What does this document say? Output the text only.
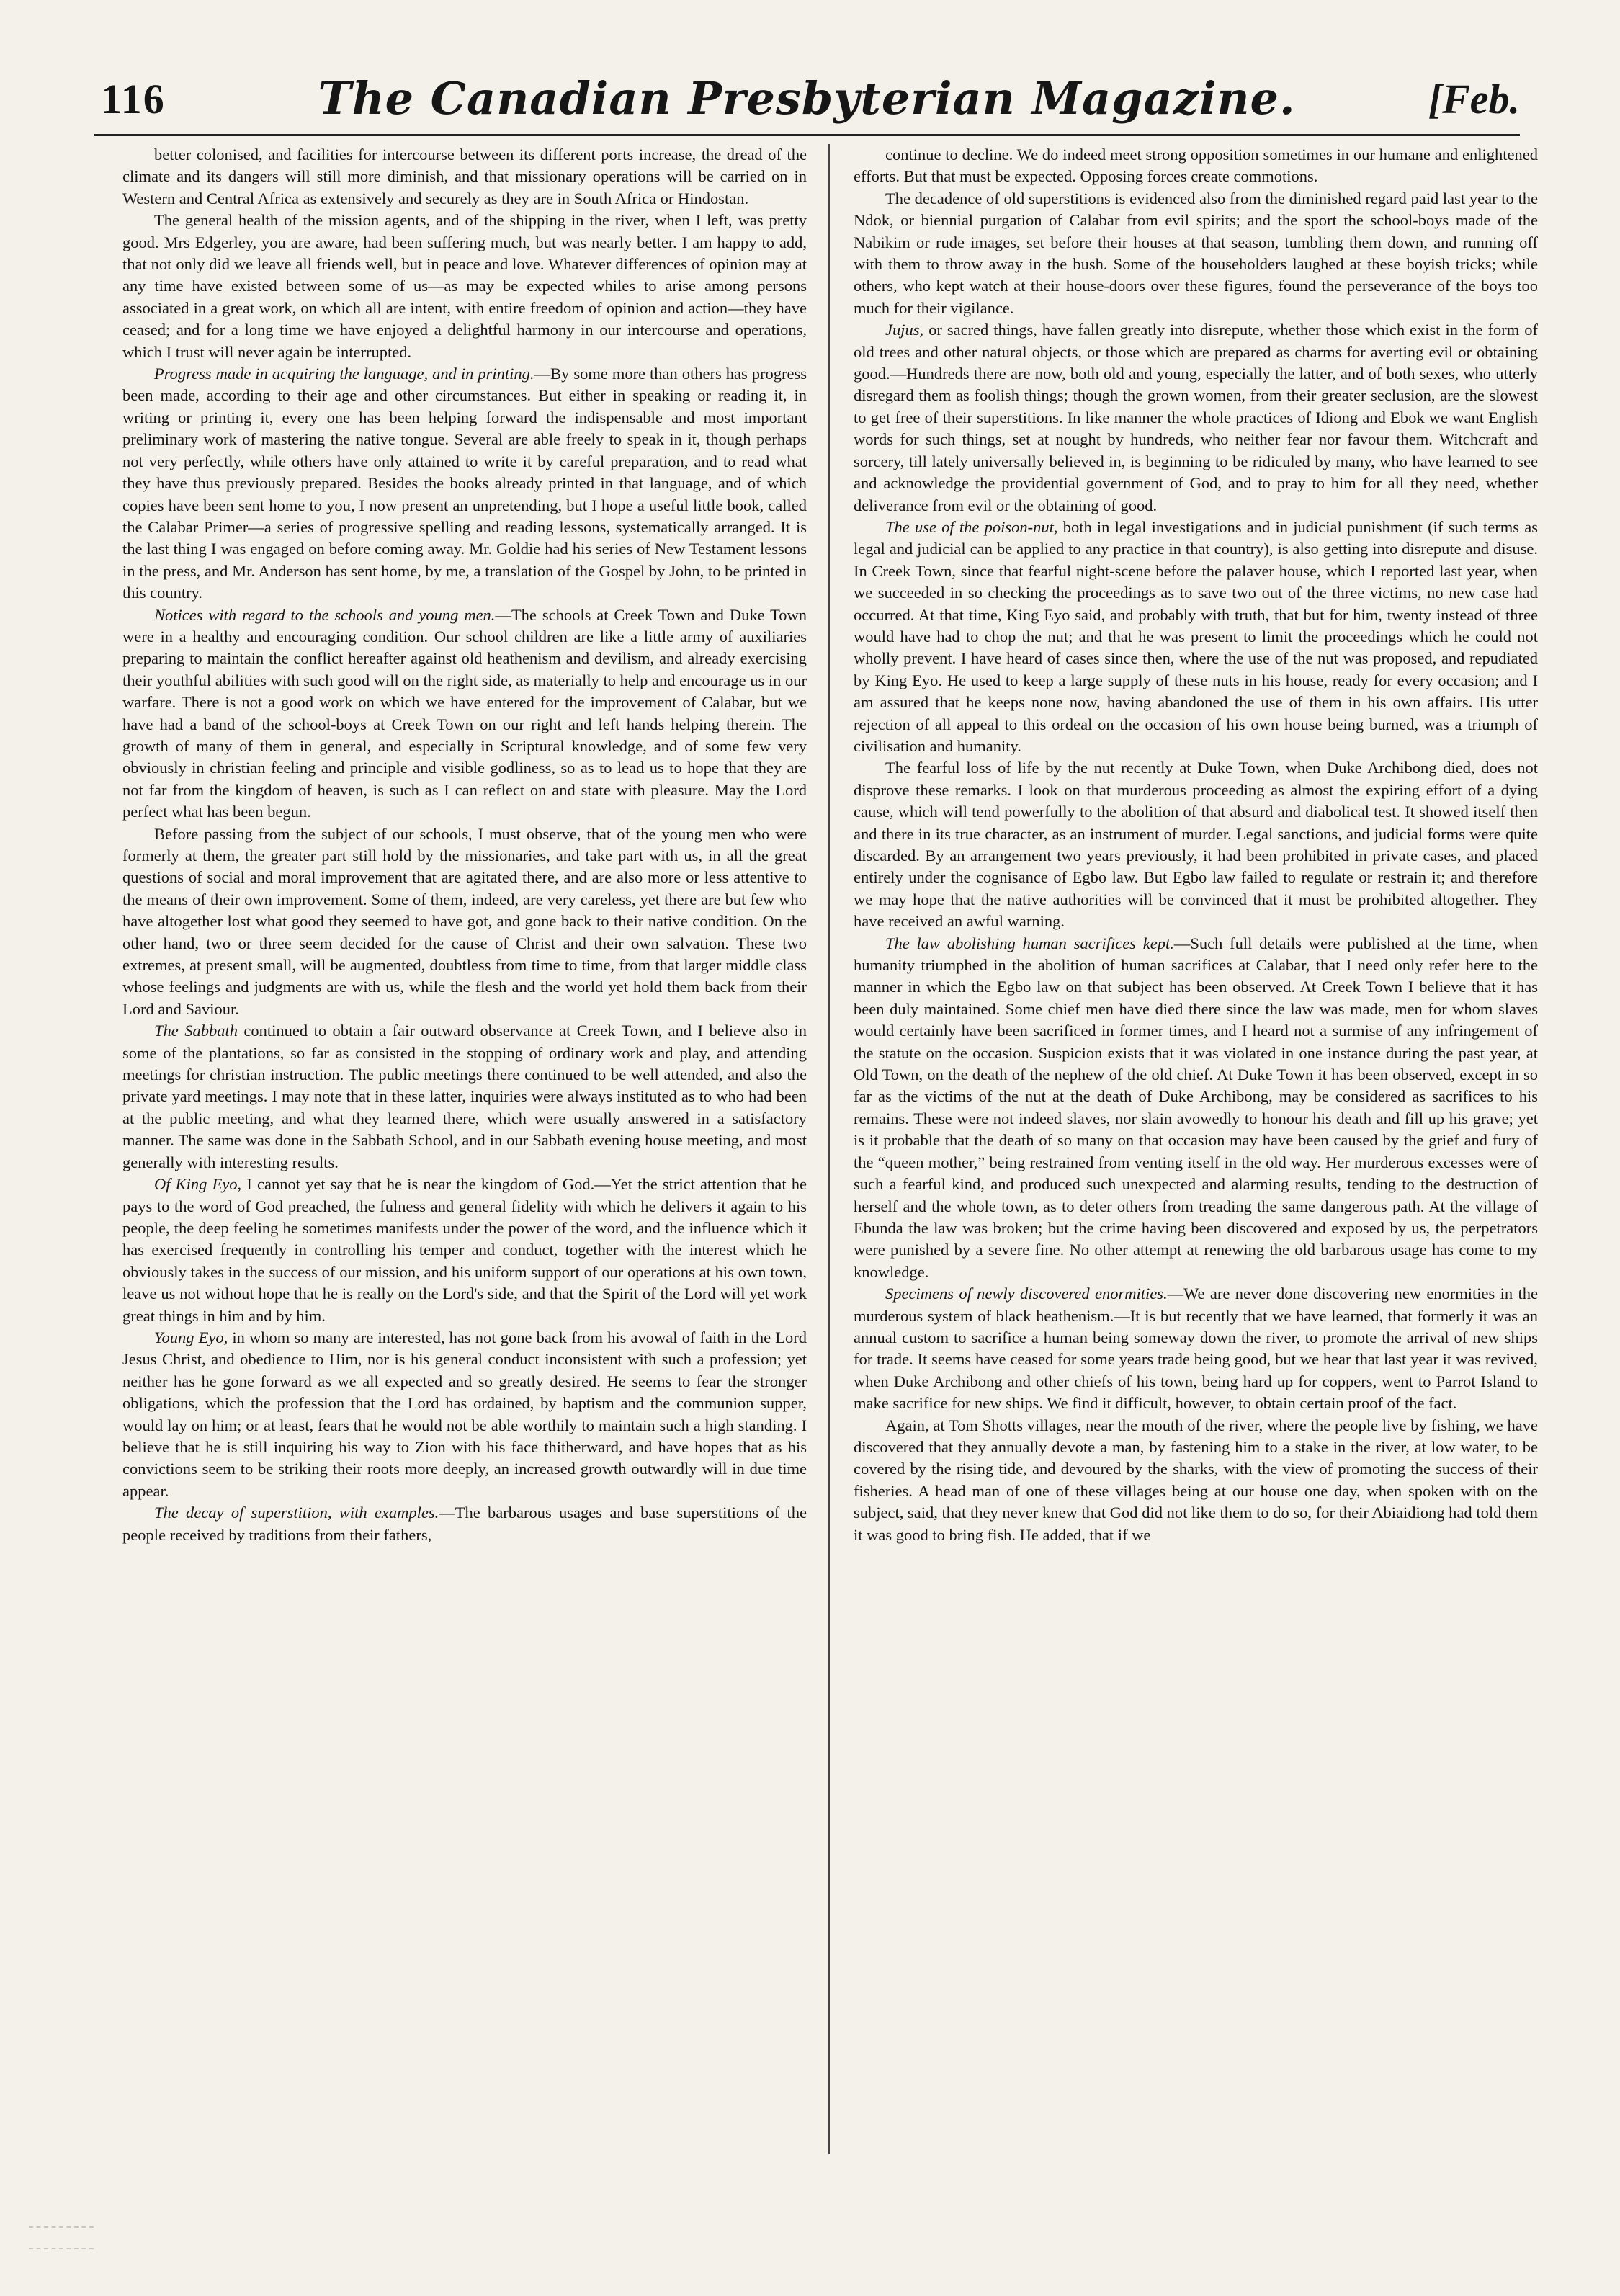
116	The Canadian Presbyterian Magazine.	[Feb.

better colonised, and facilities for intercourse between its different ports increase, the dread of the climate and its dangers will still more diminish, and that missionary operations will be carried on in Western and Central Africa as extensively and securely as they are in South Africa or Hindostan.

The general health of the mission agents, and of the shipping in the river, when I left, was pretty good. Mrs Edgerley, you are aware, had been suffering much, but was nearly better. I am happy to add, that not only did we leave all friends well, but in peace and love. Whatever differences of opinion may at any time have existed between some of us—as may be expected whiles to arise among persons associated in a great work, on which all are intent, with entire freedom of opinion and action—they have ceased; and for a long time we have enjoyed a delightful harmony in our intercourse and operations, which I trust will never again be interrupted.

Progress made in acquiring the language, and in printing.—By some more than others has progress been made, according to their age and other circumstances. But either in speaking or reading it, in writing or printing it, every one has been helping forward the indispensable and most important preliminary work of mastering the native tongue. Several are able freely to speak in it, though perhaps not very perfectly, while others have only attained to write it by careful preparation, and to read what they have thus previously prepared. Besides the books already printed in that language, and of which copies have been sent home to you, I now present an unpretending, but I hope a useful little book, called the Calabar Primer—a series of progressive spelling and reading lessons, systematically arranged. It is the last thing I was engaged on before coming away. Mr. Goldie had his series of New Testament lessons in the press, and Mr. Anderson has sent home, by me, a translation of the Gospel by John, to be printed in this country.

Notices with regard to the schools and young men.—The schools at Creek Town and Duke Town were in a healthy and encouraging condition. Our school children are like a little army of auxiliaries preparing to maintain the conflict hereafter against old heathenism and devilism, and already exercising their youthful abilities with such good will on the right side, as materially to help and encourage us in our warfare. There is not a good work on which we have entered for the improvement of Calabar, but we have had a band of the school-boys at Creek Town on our right and left hands helping therein. The growth of many of them in general, and especially in Scriptural knowledge, and of some few very obviously in christian feeling and principle and visible godliness, so as to lead us to hope that they are not far from the kingdom of heaven, is such as I can reflect on and state with pleasure. May the Lord perfect what has been begun.

Before passing from the subject of our schools, I must observe, that of the young men who were formerly at them, the greater part still hold by the missionaries, and take part with us, in all the great questions of social and moral improvement that are agitated there, and are also more or less attentive to the means of their own improvement. Some of them, indeed, are very careless, yet there are but few who have altogether lost what good they seemed to have got, and gone back to their native condition. On the other hand, two or three seem decided for the cause of Christ and their own salvation. These two extremes, at present small, will be augmented, doubtless from time to time, from that larger middle class whose feelings and judgments are with us, while the flesh and the world yet hold them back from their Lord and Saviour.

The Sabbath continued to obtain a fair outward observance at Creek Town, and I believe also in some of the plantations, so far as consisted in the stopping of ordinary work and play, and attending meetings for christian instruction. The public meetings there continued to be well attended, and also the private yard meetings. I may note that in these latter, inquiries were always instituted as to who had been at the public meeting, and what they learned there, which were usually answered in a satisfactory manner. The same was done in the Sabbath School, and in our Sabbath evening house meeting, and most generally with interesting results.

Of King Eyo, I cannot yet say that he is near the kingdom of God.—Yet the strict attention that he pays to the word of God preached, the fulness and general fidelity with which he delivers it again to his people, the deep feeling he sometimes manifests under the power of the word, and the influence which it has exercised frequently in controlling his temper and conduct, together with the interest which he obviously takes in the success of our mission, and his uniform support of our operations at his own town, leave us not without hope that he is really on the Lord's side, and that the Spirit of the Lord will yet work great things in him and by him.

Young Eyo, in whom so many are interested, has not gone back from his avowal of faith in the Lord Jesus Christ, and obedience to Him, nor is his general conduct inconsistent with such a profession; yet neither has he gone forward as we all expected and so greatly desired. He seems to fear the stronger obligations, which the profession that the Lord has ordained, by baptism and the communion supper, would lay on him; or at least, fears that he would not be able worthily to maintain such a high standing. I believe that he is still inquiring his way to Zion with his face thitherward, and have hopes that as his convictions seem to be striking their roots more deeply, an increased growth outwardly will in due time appear.

The decay of superstition, with examples.—The barbarous usages and base superstitions of the people received by traditions from their fathers,

continue to decline. We do indeed meet strong opposition sometimes in our humane and enlightened efforts. But that must be expected. Opposing forces create commotions.

The decadence of old superstitions is evidenced also from the diminished regard paid last year to the Ndok, or biennial purgation of Calabar from evil spirits; and the sport the school-boys made of the Nabikim or rude images, set before their houses at that season, tumbling them down, and running off with them to throw away in the bush. Some of the householders laughed at these boyish tricks; while others, who kept watch at their house-doors over these figures, found the perseverance of the boys too much for their vigilance.

Jujus, or sacred things, have fallen greatly into disrepute, whether those which exist in the form of old trees and other natural objects, or those which are prepared as charms for averting evil or obtaining good.—Hundreds there are now, both old and young, especially the latter, and of both sexes, who utterly disregard them as foolish things; though the grown women, from their greater seclusion, are the slowest to get free of their superstitions. In like manner the whole practices of Idiong and Ebok we want English words for such things, set at nought by hundreds, who neither fear nor favour them. Witchcraft and sorcery, till lately universally believed in, is beginning to be ridiculed by many, who have learned to see and acknowledge the providential government of God, and to pray to him for all they need, whether deliverance from evil or the obtaining of good.

The use of the poison-nut, both in legal investigations and in judicial punishment (if such terms as legal and judicial can be applied to any practice in that country), is also getting into disrepute and disuse. In Creek Town, since that fearful night-scene before the palaver house, which I reported last year, when we succeeded in so checking the proceedings as to save two out of the three victims, no new case had occurred. At that time, King Eyo said, and probably with truth, that but for him, twenty instead of three would have had to chop the nut; and that he was present to limit the proceedings which he could not wholly prevent. I have heard of cases since then, where the use of the nut was proposed, and repudiated by King Eyo. He used to keep a large supply of these nuts in his house, ready for every occasion; and I am assured that he keeps none now, having abandoned the use of them in his own affairs. His utter rejection of all appeal to this ordeal on the occasion of his own house being burned, was a triumph of civilisation and humanity.

The fearful loss of life by the nut recently at Duke Town, when Duke Archibong died, does not disprove these remarks. I look on that murderous proceeding as almost the expiring effort of a dying cause, which will tend powerfully to the abolition of that absurd and diabolical test. It showed itself then and there in its true character, as an instrument of murder. Legal sanctions, and judicial forms were quite discarded. By an arrangement two years previously, it had been prohibited in private cases, and placed entirely under the cognisance of Egbo law. But Egbo law failed to regulate or restrain it; and therefore we may hope that the native authorities will be convinced that it must be prohibited altogether. They have received an awful warning.

The law abolishing human sacrifices kept.—Such full details were published at the time, when humanity triumphed in the abolition of human sacrifices at Calabar, that I need only refer here to the manner in which the Egbo law on that subject has been observed. At Creek Town I believe that it has been duly maintained. Some chief men have died there since the law was made, men for whom slaves would certainly have been sacrificed in former times, and I heard not a surmise of any infringement of the statute on the occasion. Suspicion exists that it was violated in one instance during the past year, at Old Town, on the death of the nephew of the old chief. At Duke Town it has been observed, except in so far as the victims of the nut at the death of Duke Archibong, may be considered as sacrifices to his remains. These were not indeed slaves, nor slain avowedly to honour his death and fill up his grave; yet is it probable that the death of so many on that occasion may have been caused by the grief and fury of the “queen mother,” being restrained from venting itself in the old way. Her murderous excesses were of such a fearful kind, and produced such unexpected and alarming results, tending to the destruction of herself and the whole town, as to deter others from treading the same dangerous path. At the village of Ebunda the law was broken; but the crime having been discovered and exposed by us, the perpetrators were punished by a severe fine. No other attempt at renewing the old barbarous usage has come to my knowledge.

Specimens of newly discovered enormities.—We are never done discovering new enormities in the murderous system of black heathenism.—It is but recently that we have learned, that formerly it was an annual custom to sacrifice a human being someway down the river, to promote the arrival of new ships for trade. It seems have ceased for some years trade being good, but we hear that last year it was revived, when Duke Archibong and other chiefs of his town, being hard up for coppers, went to Parrot Island to make sacrifice for new ships. We find it difficult, however, to obtain certain proof of the fact.

Again, at Tom Shotts villages, near the mouth of the river, where the people live by fishing, we have discovered that they annually devote a man, by fastening him to a stake in the river, at low water, to be covered by the rising tide, and devoured by the sharks, with the view of promoting the success of their fisheries. A head man of one of these villages being at our house one day, when spoken with on the subject, said, that they never knew that God did not like them to do so, for their Abiaidiong had told them it was good to bring fish. He added, that if we
